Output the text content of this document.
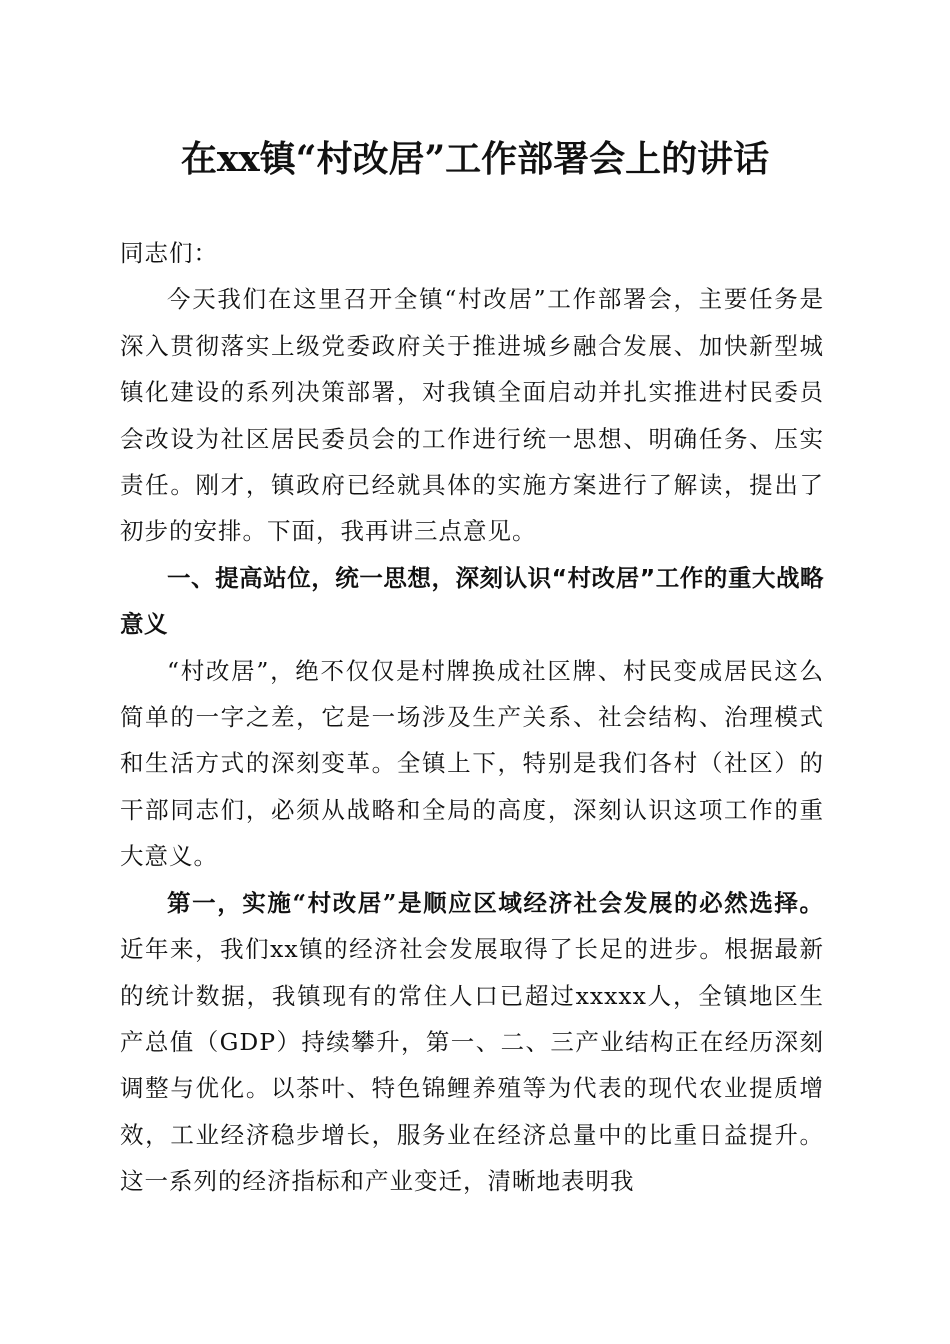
在xx镇“村改居”工作部署会上的讲话

同志们：

今天我们在这里召开全镇“村改居”工作部署会，主要任务是深入贯彻落实上级党委政府关于推进城乡融合发展、加快新型城镇化建设的系列决策部署，对我镇全面启动并扎实推进村民委员会改设为社区居民委员会的工作进行统一思想、明确任务、压实责任。刚才，镇政府已经就具体的实施方案进行了解读，提出了初步的安排。下面，我再讲三点意见。

一、提高站位，统一思想，深刻认识“村改居”工作的重大战略意义

“村改居”，绝不仅仅是村牌换成社区牌、村民变成居民这么简单的一字之差，它是一场涉及生产关系、社会结构、治理模式和生活方式的深刻变革。全镇上下，特别是我们各村（社区）的干部同志们，必须从战略和全局的高度，深刻认识这项工作的重大意义。

第一，实施“村改居”是顺应区域经济社会发展的必然选择。近年来，我们xx镇的经济社会发展取得了长足的进步。根据最新的统计数据，我镇现有的常住人口已超过xxxxx人，全镇地区生产总值（GDP）持续攀升，第一、二、三产业结构正在经历深刻调整与优化。以茶叶、特色锦鲤养殖等为代表的现代农业提质增效，工业经济稳步增长，服务业在经济总量中的比重日益提升。这一系列的经济指标和产业变迁，清晰地表明我
